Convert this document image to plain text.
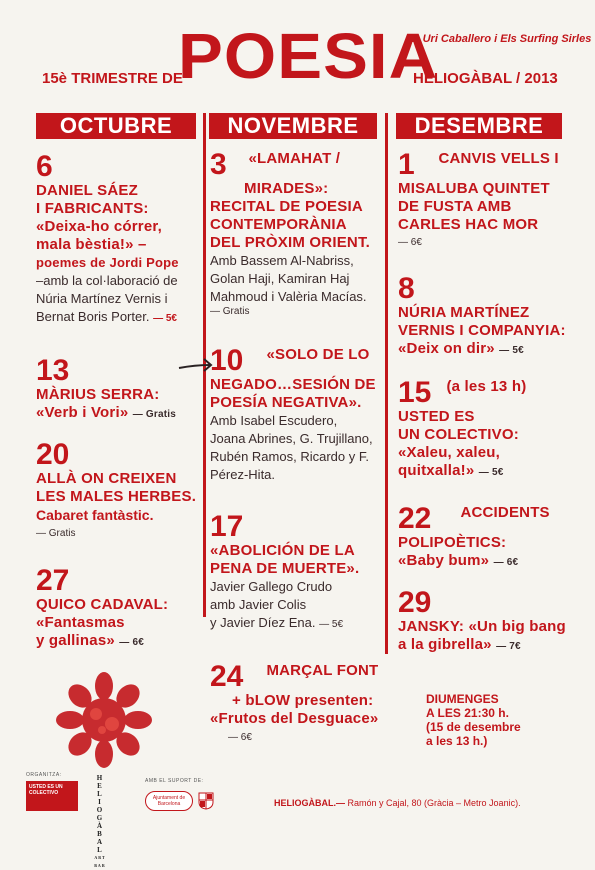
POESIA
A Uri Caballero i Els Surfing Sirles
15è TRIMESTRE DE	HELIOGÀBAL / 2013
OCTUBRE	NOVEMBRE	DESEMBRE
6
DANIEL SÁEZ
I FABRICANTS:
«Deixa-ho córrer,
mala bèstia!» –
poemes de Jordi Pope
–amb la col·laboració de
Núria Martínez Vernis i
Bernat Boris Porter. — 5€
13
MÀRIUS SERRA:
«Verb i Vori» — Gratis
20
ALLÀ ON CREIXEN
LES MALES HERBES.
Cabaret fantàstic.
— Gratis
27
QUICO CADAVAL:
«Fantasmas
y gallinas» — 6€
3 «LAMAHAT /
MIRADES»:
RECITAL DE POESIA
CONTEMPORÀNIA
DEL PRÒXIM ORIENT.
Amb Bassem Al-Nabriss,
Golan Haji, Kamiran Haj
Mahmoud i Valèria Macías.
— Gratis
10 «SOLO DE LO
NEGADO…SESIÓN DE
POESÍA NEGATIVA».
Amb Isabel Escudero,
Joana Abrines, G. Trujillano,
Rubén Ramos, Ricardo y F.
Pérez-Hita.
17
«ABOLICIÓN DE LA
PENA DE MUERTE».
Javier Gallego Crudo
amb Javier Colis
y Javier Díez Ena. — 5€
24 MARÇAL FONT
+ bLOW presenten:
«Frutos del Desguace»
— 6€
1 CANVIS VELLS I
MISALUBA QUINTET
DE FUSTA AMB
CARLES HAC MOR
— 6€
8
NÚRIA MARTÍNEZ
VERNIS I COMPANYIA:
«Deix on dir» — 5€
15 (a les 13 h)
USTED ES
UN COLECTIVO:
«Xaleu, xaleu,
quitxalla!» — 5€
22 ACCIDENTS
POLIPOÈTICS:
«Baby bum» — 6€
29
JANSKY: «Un big bang
a la gibrella» — 7€
DIUMENGES
A LES 21:30 h.
(15 de desembre
a les 13 h.)
ORGANITZA:
USTED ES UN COLECTIVO
H
E
L
I
O
G
À
B
A
L
ART BAR
AMB EL SUPORT DE:
Ajuntament de Barcelona	HELIOGÀBAL.— Ramón y Cajal, 80 (Gràcia – Metro Joanic).
